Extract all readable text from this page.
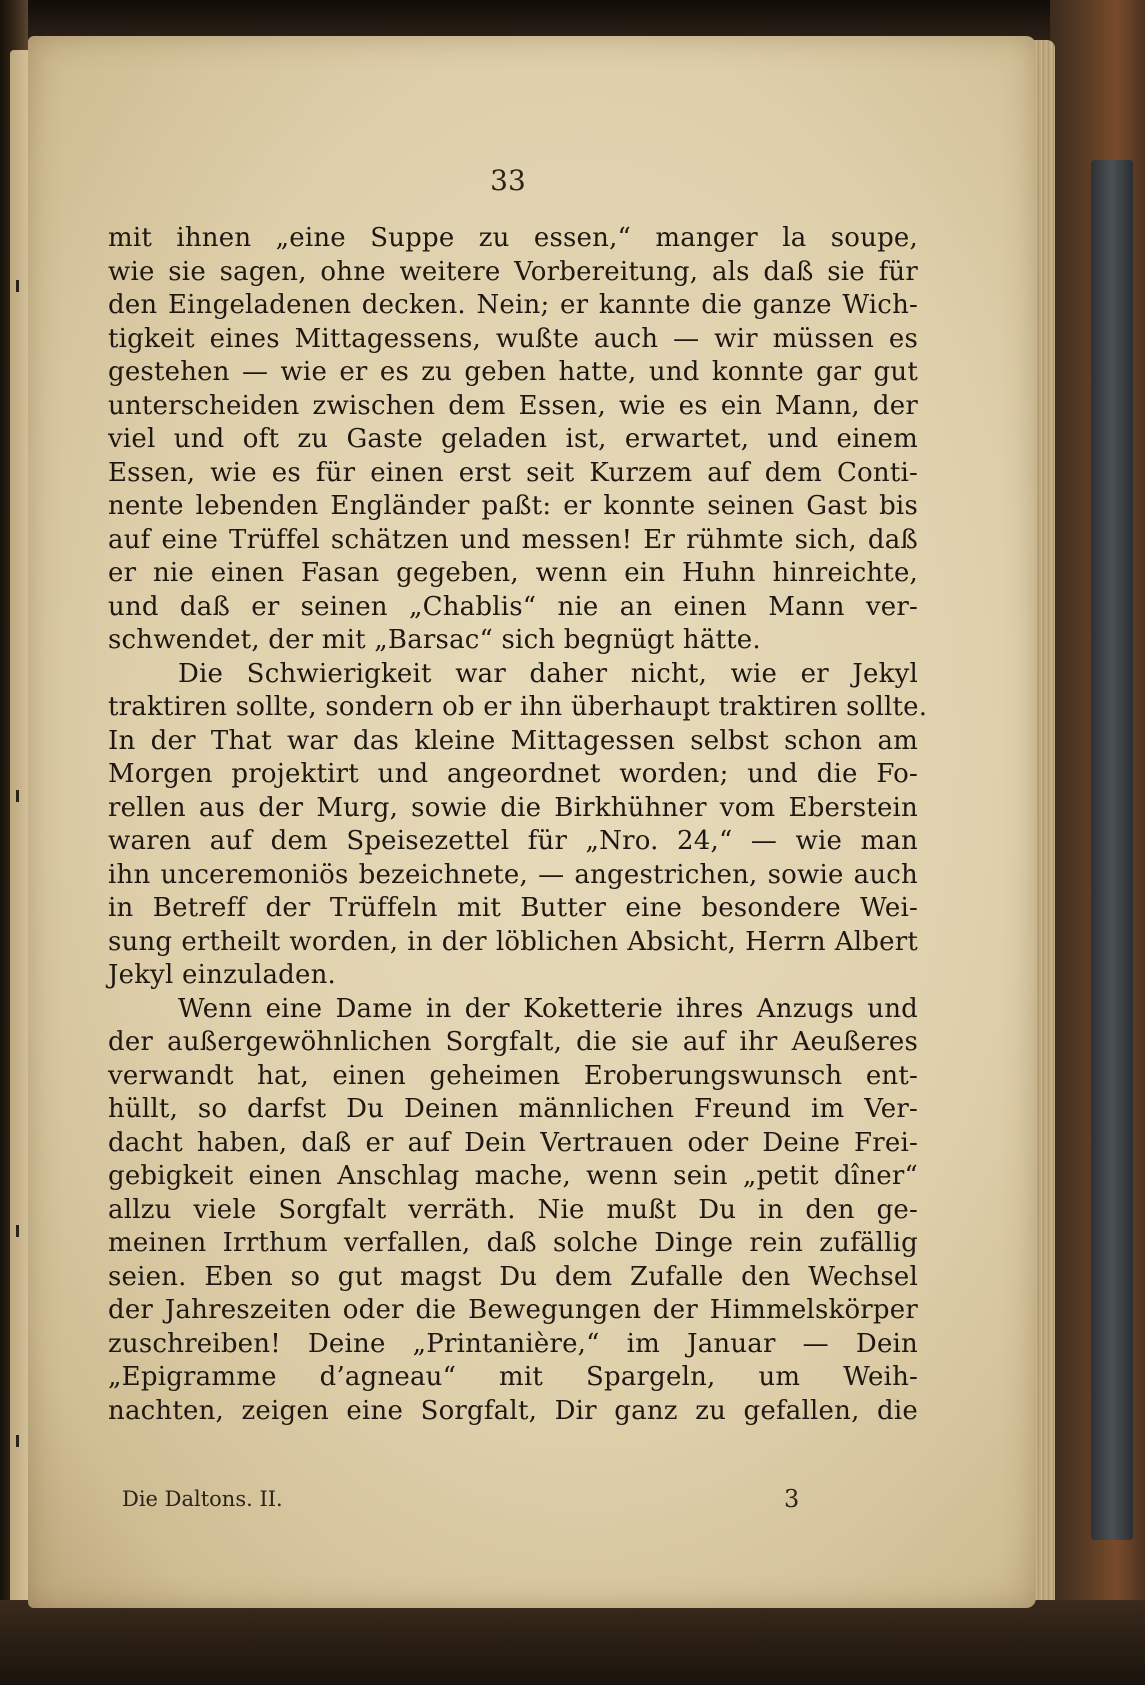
33
mit ihnen „eine Suppe zu essen,“ manger la soupe,
wie sie sagen, ohne weitere Vorbereitung, als daß sie für
den Eingeladenen decken. Nein; er kannte die ganze Wich-
tigkeit eines Mittagessens, wußte auch — wir müssen es
gestehen — wie er es zu geben hatte, und konnte gar gut
unterscheiden zwischen dem Essen, wie es ein Mann, der
viel und oft zu Gaste geladen ist, erwartet, und einem
Essen, wie es für einen erst seit Kurzem auf dem Conti-
nente lebenden Engländer paßt: er konnte seinen Gast bis
auf eine Trüffel schätzen und messen! Er rühmte sich, daß
er nie einen Fasan gegeben, wenn ein Huhn hinreichte,
und daß er seinen „Chablis“ nie an einen Mann ver-
schwendet, der mit „Barsac“ sich begnügt hätte.
Die Schwierigkeit war daher nicht, wie er Jekyl
traktiren sollte, sondern ob er ihn überhaupt traktiren sollte.
In der That war das kleine Mittagessen selbst schon am
Morgen projektirt und angeordnet worden; und die Fo-
rellen aus der Murg, sowie die Birkhühner vom Eberstein
waren auf dem Speisezettel für „Nro. 24,“ — wie man
ihn unceremoniös bezeichnete, — angestrichen, sowie auch
in Betreff der Trüffeln mit Butter eine besondere Wei-
sung ertheilt worden, in der löblichen Absicht, Herrn Albert
Jekyl einzuladen.
Wenn eine Dame in der Koketterie ihres Anzugs und
der außergewöhnlichen Sorgfalt, die sie auf ihr Aeußeres
verwandt hat, einen geheimen Eroberungswunsch ent-
hüllt, so darfst Du Deinen männlichen Freund im Ver-
dacht haben, daß er auf Dein Vertrauen oder Deine Frei-
gebigkeit einen Anschlag mache, wenn sein „petit dîner“
allzu viele Sorgfalt verräth. Nie mußt Du in den ge-
meinen Irrthum verfallen, daß solche Dinge rein zufällig
seien. Eben so gut magst Du dem Zufalle den Wechsel
der Jahreszeiten oder die Bewegungen der Himmelskörper
zuschreiben! Deine „Printanière,“ im Januar — Dein
„Epigramme d’agneau“ mit Spargeln, um Weih-
nachten, zeigen eine Sorgfalt, Dir ganz zu gefallen, die
Die Daltons. II.	3
